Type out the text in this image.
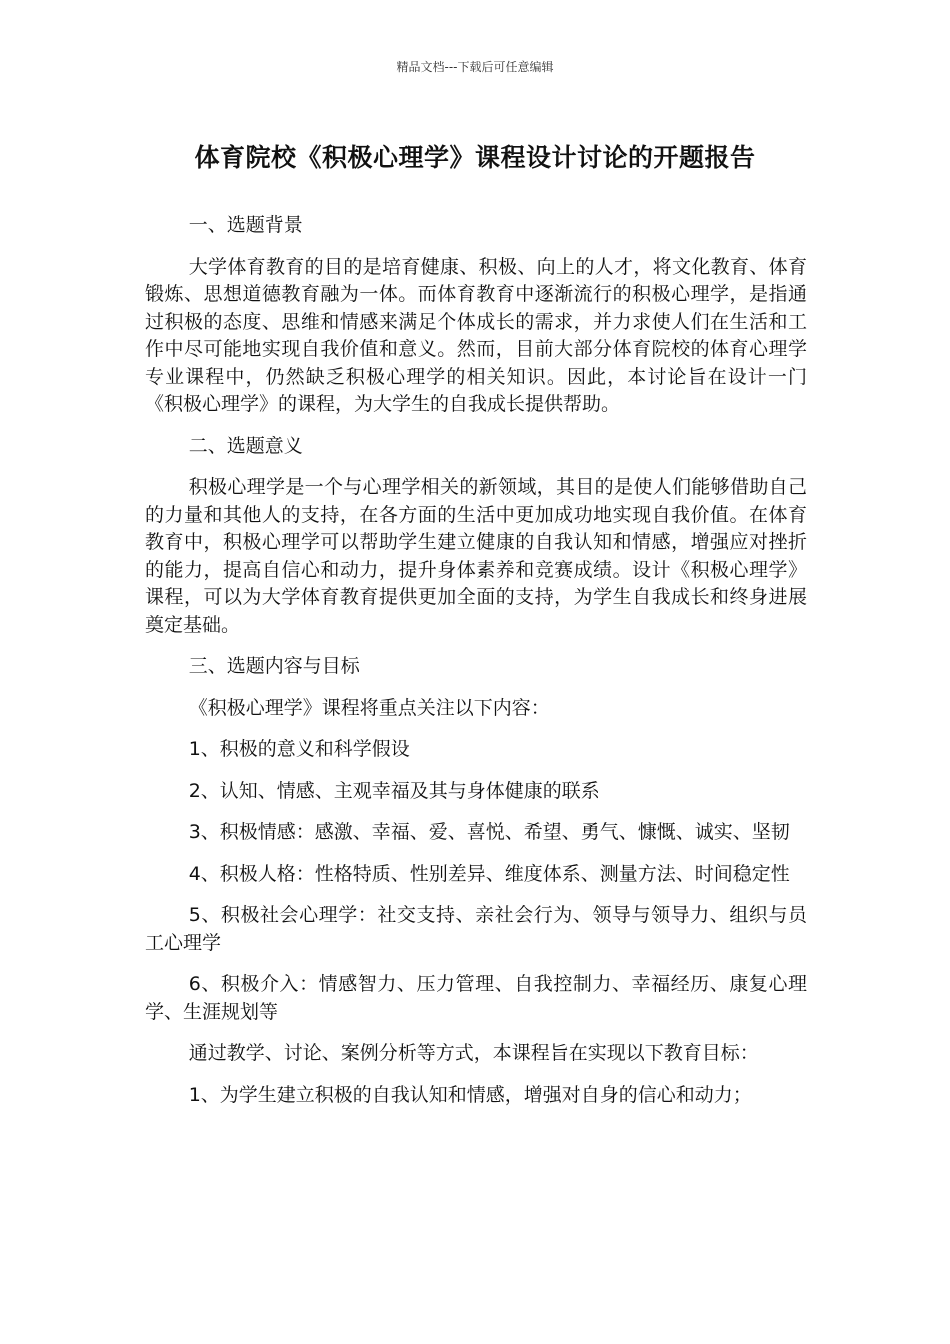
精品文档---下载后可任意编辑
体育院校《积极心理学》课程设计讨论的开题报告

一、选题背景

大学体育教育的目的是培育健康、积极、向上的人才，将文化教育、体育锻炼、思想道德教育融为一体。而体育教育中逐渐流行的积极心理学，是指通过积极的态度、思维和情感来满足个体成长的需求，并力求使人们在生活和工作中尽可能地实现自我价值和意义。然而，目前大部分体育院校的体育心理学专业课程中，仍然缺乏积极心理学的相关知识。因此，本讨论旨在设计一门《积极心理学》的课程，为大学生的自我成长提供帮助。

二、选题意义

积极心理学是一个与心理学相关的新领域，其目的是使人们能够借助自己的力量和其他人的支持，在各方面的生活中更加成功地实现自我价值。在体育教育中，积极心理学可以帮助学生建立健康的自我认知和情感，增强应对挫折的能力，提高自信心和动力，提升身体素养和竞赛成绩。设计《积极心理学》课程，可以为大学体育教育提供更加全面的支持，为学生自我成长和终身进展奠定基础。

三、选题内容与目标

《积极心理学》课程将重点关注以下内容：

1、积极的意义和科学假设

2、认知、情感、主观幸福及其与身体健康的联系

3、积极情感：感激、幸福、爱、喜悦、希望、勇气、慷慨、诚实、坚韧

4、积极人格：性格特质、性别差异、维度体系、测量方法、时间稳定性

5、积极社会心理学：社交支持、亲社会行为、领导与领导力、组织与员工心理学

6、积极介入：情感智力、压力管理、自我控制力、幸福经历、康复心理学、生涯规划等

通过教学、讨论、案例分析等方式，本课程旨在实现以下教育目标：

1、为学生建立积极的自我认知和情感，增强对自身的信心和动力；
